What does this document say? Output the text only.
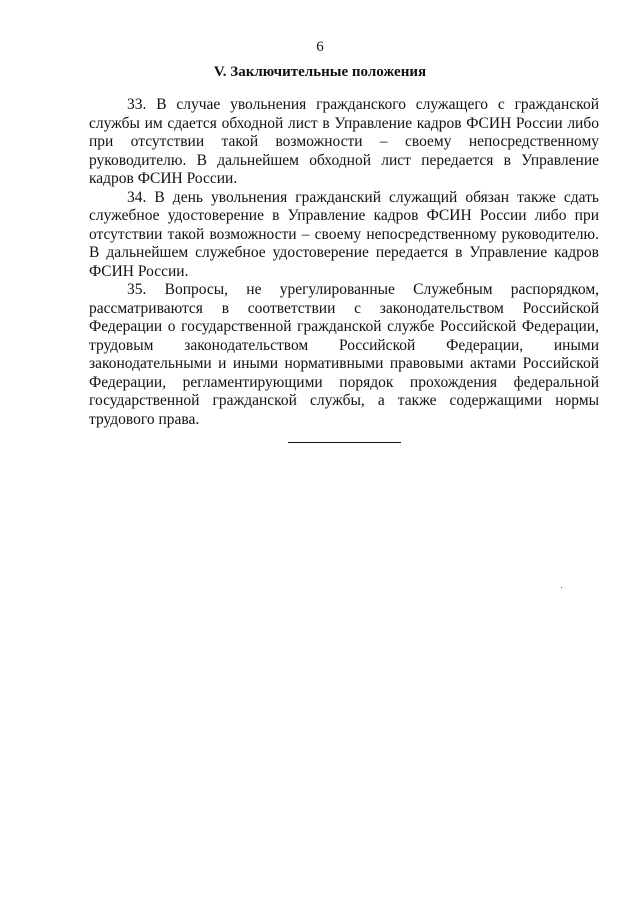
6
V. Заключительные положения

33. В случае увольнения гражданского служащего с гражданской службы им сдается обходной лист в Управление кадров ФСИН России либо при отсутствии такой возможности – своему непосредственному руководителю. В дальнейшем обходной лист передается в Управление кадров ФСИН России.

34. В день увольнения гражданский служащий обязан также сдать служебное удостоверение в Управление кадров ФСИН России либо при отсутствии такой возможности – своему непосредственному руководителю. В дальнейшем служебное удостоверение передается в Управление кадров ФСИН России.

35. Вопросы, не урегулированные Служебным распорядком, рассматриваются в соответствии с законодательством Российской Федерации о государственной гражданской службе Российской Федерации, трудовым законодательством Российской Федерации, иными законодательными и иными нормативными правовыми актами Российской Федерации, регламентирующими порядок прохождения федеральной государственной гражданской службы, а также содержащими нормы трудового права.
